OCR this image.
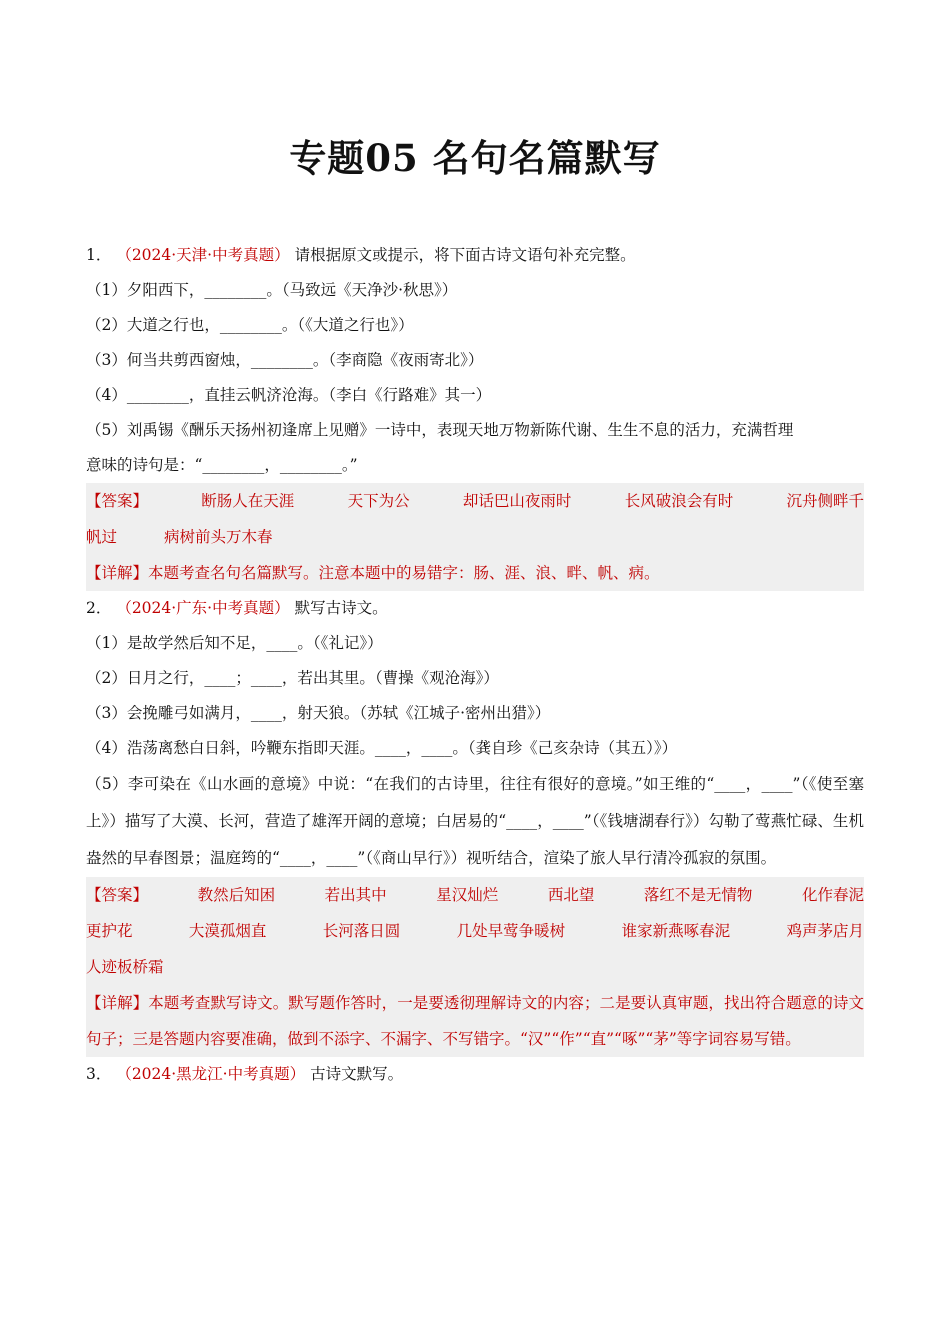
专题05 名句名篇默写
1． （2024·天津·中考真题） 请根据原文或提示，将下面古诗文语句补充完整。
（1）夕阳西下，________。（马致远《天净沙·秋思》）
（2）大道之行也，________。（《大道之行也》）
（3）何当共剪西窗烛，________。（李商隐《夜雨寄北》）
（4）________，直挂云帆济沧海。（李白《行路难》其一）
（5）刘禹锡《酬乐天扬州初逢席上见赠》一诗中，表现天地万物新陈代谢、生生不息的活力，充满哲理
意味的诗句是：“________，________。”
【答案】	断肠人在天涯	天下为公	却话巴山夜雨时	长风破浪会有时	沉舟侧畔千
帆过	病树前头万木春
【详解】本题考查名句名篇默写。注意本题中的易错字：肠、涯、浪、畔、帆、病。
2． （2024·广东·中考真题） 默写古诗文。
（1）是故学然后知不足，____。（《礼记》）
（2）日月之行，____；____，若出其里。（曹操《观沧海》）
（3）会挽雕弓如满月，____，射天狼。（苏轼《江城子·密州出猎》）
（4）浩荡离愁白日斜，吟鞭东指即天涯。____，____。（龚自珍《己亥杂诗（其五）》）
（5）李可染在《山水画的意境》中说：“在我们的古诗里，往往有很好的意境。”如王维的“____，____”（《使至塞上》）描写了大漠、长河，营造了雄浑开阔的意境；白居易的“____，____”（《钱塘湖春行》）勾勒了莺燕忙碌、生机盎然的早春图景；温庭筠的“____，____”（《商山早行》）视听结合，渲染了旅人早行清冷孤寂的氛围。
【答案】	教然后知困	若出其中	星汉灿烂	西北望	落红不是无情物	化作春泥
更护花	大漠孤烟直	长河落日圆	几处早莺争暖树	谁家新燕啄春泥	鸡声茅店月
人迹板桥霜
【详解】本题考查默写诗文。默写题作答时，一是要透彻理解诗文的内容；二是要认真审题，找出符合题意的诗文句子；三是答题内容要准确，做到不添字、不漏字、不写错字。“汉”“作”“直”“啄”“茅”等字词容易写错。
3． （2024·黑龙江·中考真题） 古诗文默写。
